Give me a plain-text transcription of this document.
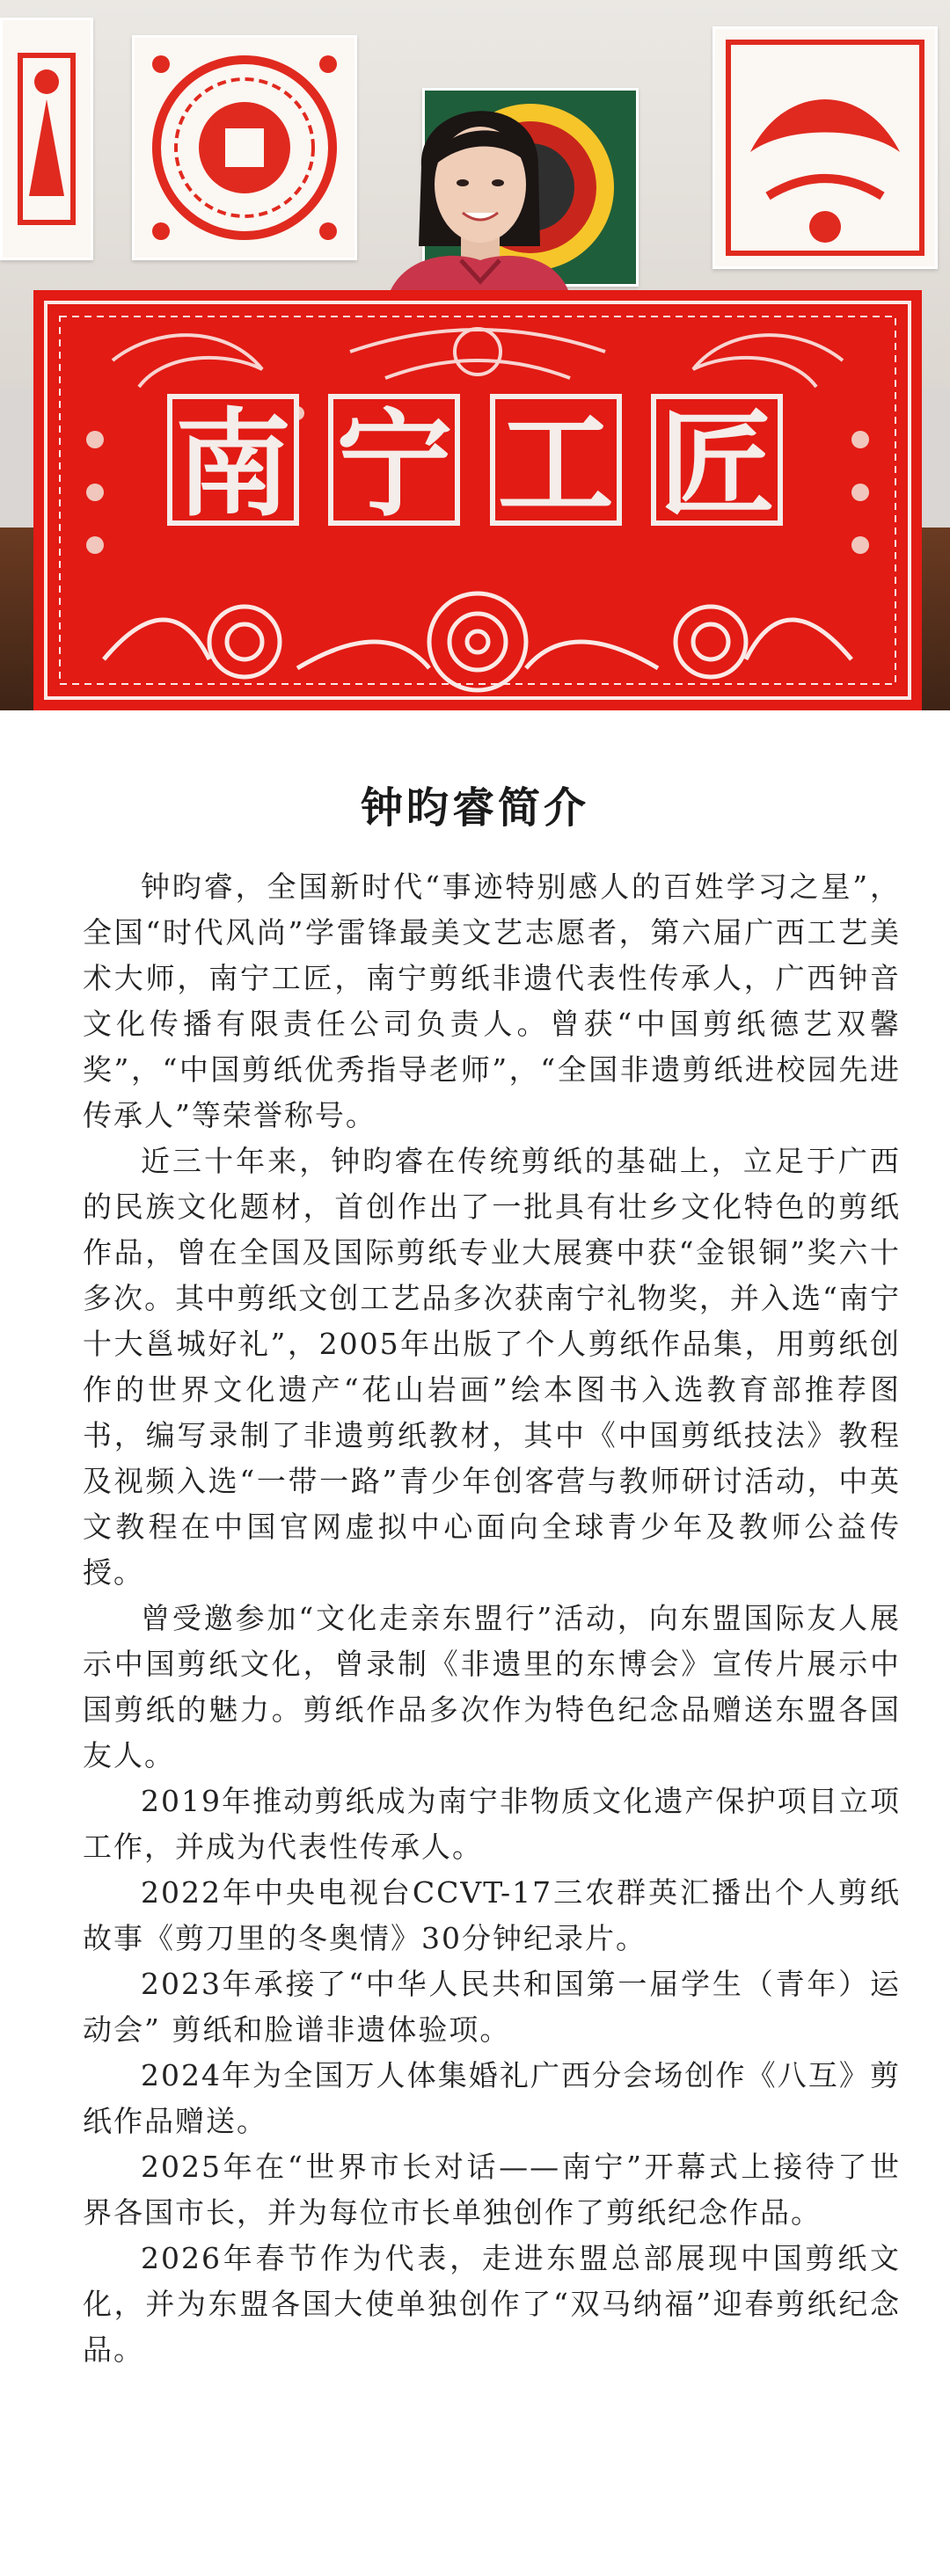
南 宁 工 匠
钟昀睿简介

钟昀睿，全国新时代“事迹特别感人的百姓学习之星”，全国“时代风尚”学雷锋最美文艺志愿者，第六届广西工艺美术大师，南宁工匠，南宁剪纸非遗代表性传承人，广西钟音文化传播有限责任公司负责人。曾获“中国剪纸德艺双馨奖”，“中国剪纸优秀指导老师”，“全国非遗剪纸进校园先进传承人”等荣誉称号。

近三十年来，钟昀睿在传统剪纸的基础上，立足于广西的民族文化题材，首创作出了一批具有壮乡文化特色的剪纸作品，曾在全国及国际剪纸专业大展赛中获“金银铜”奖六十多次。其中剪纸文创工艺品多次获南宁礼物奖，并入选“南宁十大邕城好礼”，2005年出版了个人剪纸作品集，用剪纸创作的世界文化遗产“花山岩画”绘本图书入选教育部推荐图书，编写录制了非遗剪纸教材，其中《中国剪纸技法》教程及视频入选“一带一路”青少年创客营与教师研讨活动，中英文教程在中国官网虚拟中心面向全球青少年及教师公益传授。

曾受邀参加“文化走亲东盟行”活动，向东盟国际友人展示中国剪纸文化，曾录制《非遗里的东博会》宣传片展示中国剪纸的魅力。剪纸作品多次作为特色纪念品赠送东盟各国友人。

2019年推动剪纸成为南宁非物质文化遗产保护项目立项工作，并成为代表性传承人。

2022年中央电视台CCVT-17三农群英汇播出个人剪纸故事《剪刀里的冬奥情》30分钟纪录片。

2023年承接了“中华人民共和国第一届学生（青年）运动会” 剪纸和脸谱非遗体验项。

2024年为全国万人体集婚礼广西分会场创作《八互》剪纸作品赠送。

2025年在“世界市长对话——南宁”开幕式上接待了世界各国市长，并为每位市长单独创作了剪纸纪念作品。

2026年春节作为代表，走进东盟总部展现中国剪纸文化，并为东盟各国大使单独创作了“双马纳福”迎春剪纸纪念品。
